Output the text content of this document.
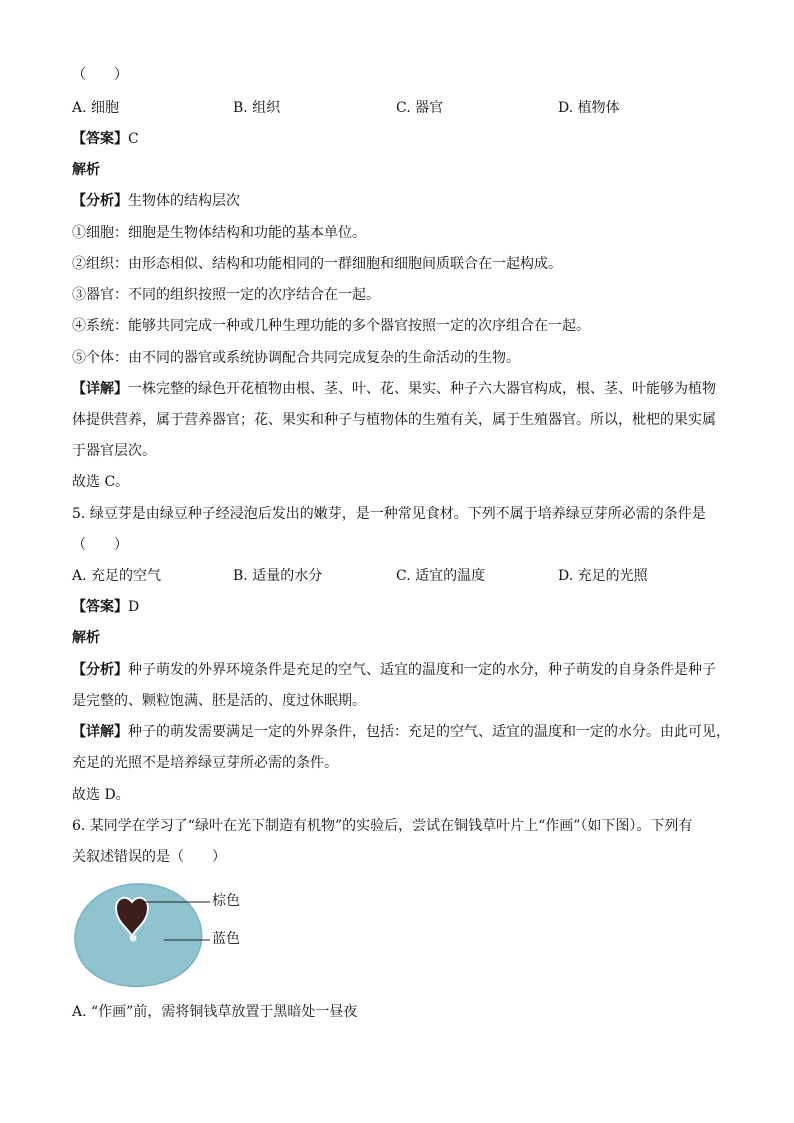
（　　）
A. 细胞	B. 组织	C. 器官	D. 植物体
【答案】C
解析
【分析】生物体的结构层次
①细胞：细胞是生物体结构和功能的基本单位。
②组织：由形态相似、结构和功能相同的一群细胞和细胞间质联合在一起构成。
③器官：不同的组织按照一定的次序结合在一起。
④系统：能够共同完成一种或几种生理功能的多个器官按照一定的次序组合在一起。
⑤个体：由不同的器官或系统协调配合共同完成复杂的生命活动的生物。
【详解】一株完整的绿色开花植物由根、茎、叶、花、果实、种子六大器官构成，根、茎、叶能够为植物
体提供营养，属于营养器官；花、果实和种子与植物体的生殖有关，属于生殖器官。所以，枇杷的果实属
于器官层次。
故选 C。
5. 绿豆芽是由绿豆种子经浸泡后发出的嫩芽，是一种常见食材。下列不属于培养绿豆芽所必需的条件是
（　　）
A. 充足的空气	B. 适量的水分	C. 适宜的温度	D. 充足的光照
【答案】D
解析
【分析】种子萌发的外界环境条件是充足的空气、适宜的温度和一定的水分，种子萌发的自身条件是种子
是完整的、颗粒饱满、胚是活的、度过休眠期。
【详解】种子的萌发需要满足一定的外界条件，包括：充足的空气、适宜的温度和一定的水分。由此可见，
充足的光照不是培养绿豆芽所必需的条件。
故选 D。
6. 某同学在学习了“绿叶在光下制造有机物”的实验后，尝试在铜钱草叶片上“作画”（如下图）。下列有
关叙述错误的是（　　）
棕色
蓝色
A. “作画”前，需将铜钱草放置于黑暗处一昼夜
